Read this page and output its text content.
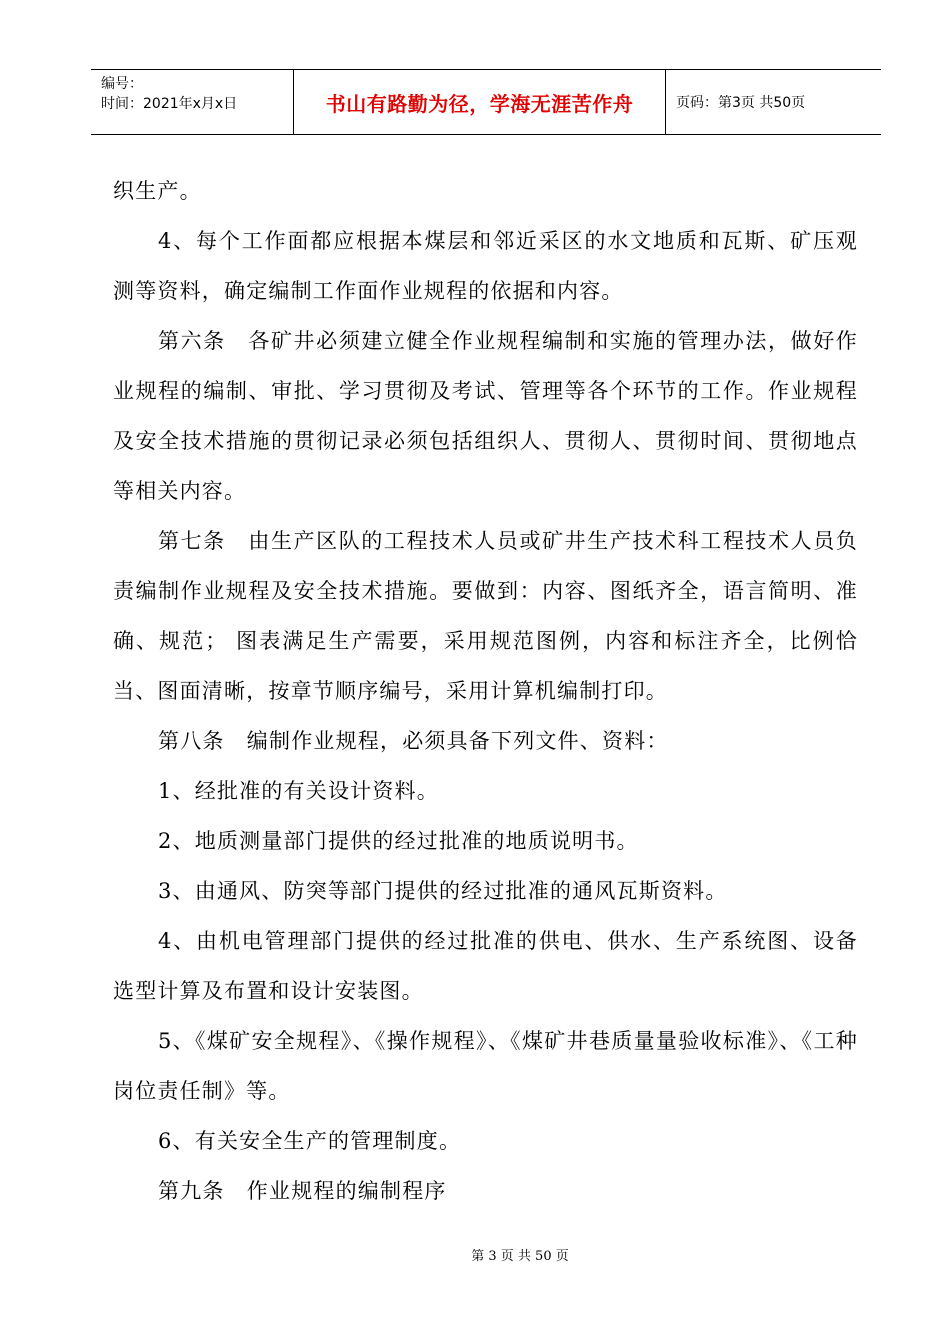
编号：
时间：2021年x月x日	书山有路勤为径，学海无涯苦作舟	页码：第3页 共50页

织生产。

4、每个工作面都应根据本煤层和邻近采区的水文地质和瓦斯、矿压观测等资料，确定编制工作面作业规程的依据和内容。

第六条　各矿井必须建立健全作业规程编制和实施的管理办法，做好作业规程的编制、审批、学习贯彻及考试、管理等各个环节的工作。作业规程及安全技术措施的贯彻记录必须包括组织人、贯彻人、贯彻时间、贯彻地点等相关内容。

第七条　由生产区队的工程技术人员或矿井生产技术科工程技术人员负责编制作业规程及安全技术措施。要做到：内容、图纸齐全，语言简明、准确、规范； 图表满足生产需要，采用规范图例，内容和标注齐全，比例恰当、图面清晰，按章节顺序编号，采用计算机编制打印。

第八条　编制作业规程，必须具备下列文件、资料：

1、经批准的有关设计资料。

2、地质测量部门提供的经过批准的地质说明书。

3、由通风、防突等部门提供的经过批准的通风瓦斯资料。

4、由机电管理部门提供的经过批准的供电、供水、生产系统图、设备选型计算及布置和设计安装图。

5、《煤矿安全规程》、《操作规程》、《煤矿井巷质量量验收标准》、《工种岗位责任制》等。

6、有关安全生产的管理制度。

第九条　作业规程的编制程序

第 3 页 共 50 页
